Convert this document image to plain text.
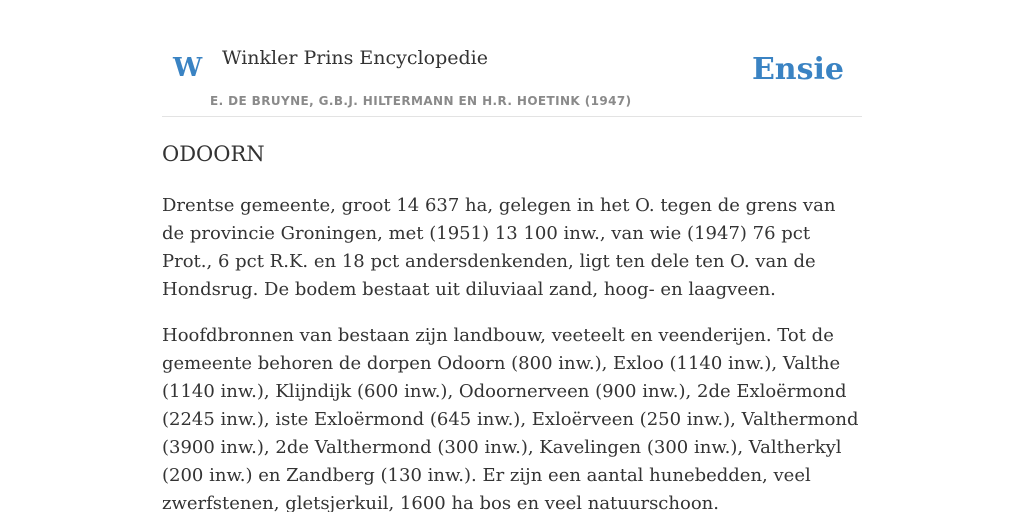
W Winkler Prins Encyclopedie
E. DE BRUYNE, G.B.J. HILTERMANN EN H.R. HOETINK (1947)
Ensie
ODOORN

Drentse gemeente, groot 14 637 ha, gelegen in het O. tegen de grens van de provincie Groningen, met (1951) 13 100 inw., van wie (1947) 76 pct Prot., 6 pct R.K. en 18 pct andersdenkenden, ligt ten dele ten O. van de Hondsrug. De bodem bestaat uit diluviaal zand, hoog- en laagveen.

Hoofdbronnen van bestaan zijn landbouw, veeteelt en veenderijen. Tot de gemeente behoren de dorpen Odoorn (800 inw.), Exloo (1140 inw.), Valthe (1140 inw.), Klijndijk (600 inw.), Odoornerveen (900 inw.), 2de Exloërmond (2245 inw.), iste Exloërmond (645 inw.), Exloërveen (250 inw.), Valthermond (3900 inw.), 2de Valthermond (300 inw.), Kavelingen (300 inw.), Valtherkyl (200 inw.) en Zandberg (130 inw.). Er zijn een aantal hunebedden, veel zwerfstenen, gletsjerkuil, 1600 ha bos en veel natuurschoon.
